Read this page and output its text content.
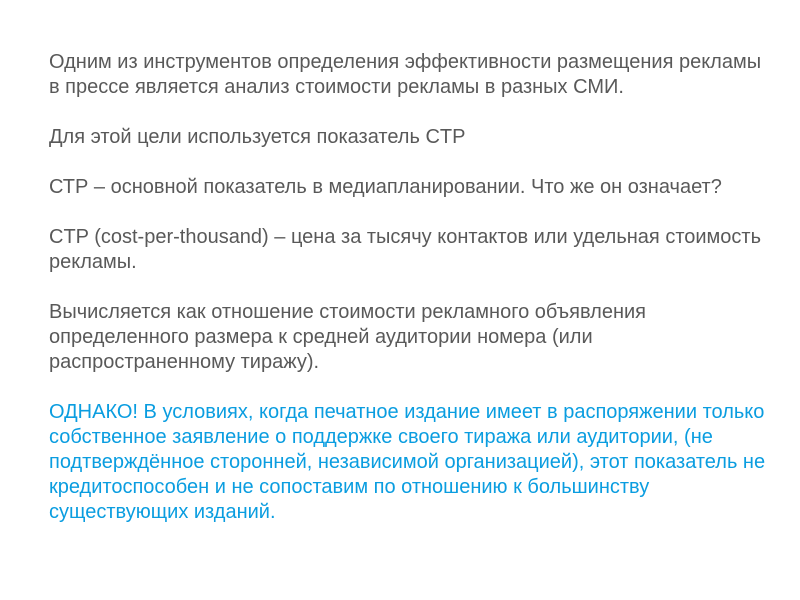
Одним из инструментов определения эффективности размещения рекламы в прессе является анализ стоимости рекламы в разных СМИ.

Для этой цели используется показатель CTP

СТР – основной показатель в медиапланировании. Что же он означает?

CTP (cost-per-thousand) – цена за тысячу контактов или удельная стоимость рекламы.

Вычисляется как отношение стоимости рекламного объявления определенного размера к средней аудитории номера (или распространенному тиражу).

ОДНАКО! В условиях, когда печатное издание имеет в распоряжении только собственное заявление о поддержке своего тиража или аудитории, (не подтверждённое сторонней, независимой организацией), этот показатель не кредитоспособен и не сопоставим по отношению к большинству существующих изданий.
